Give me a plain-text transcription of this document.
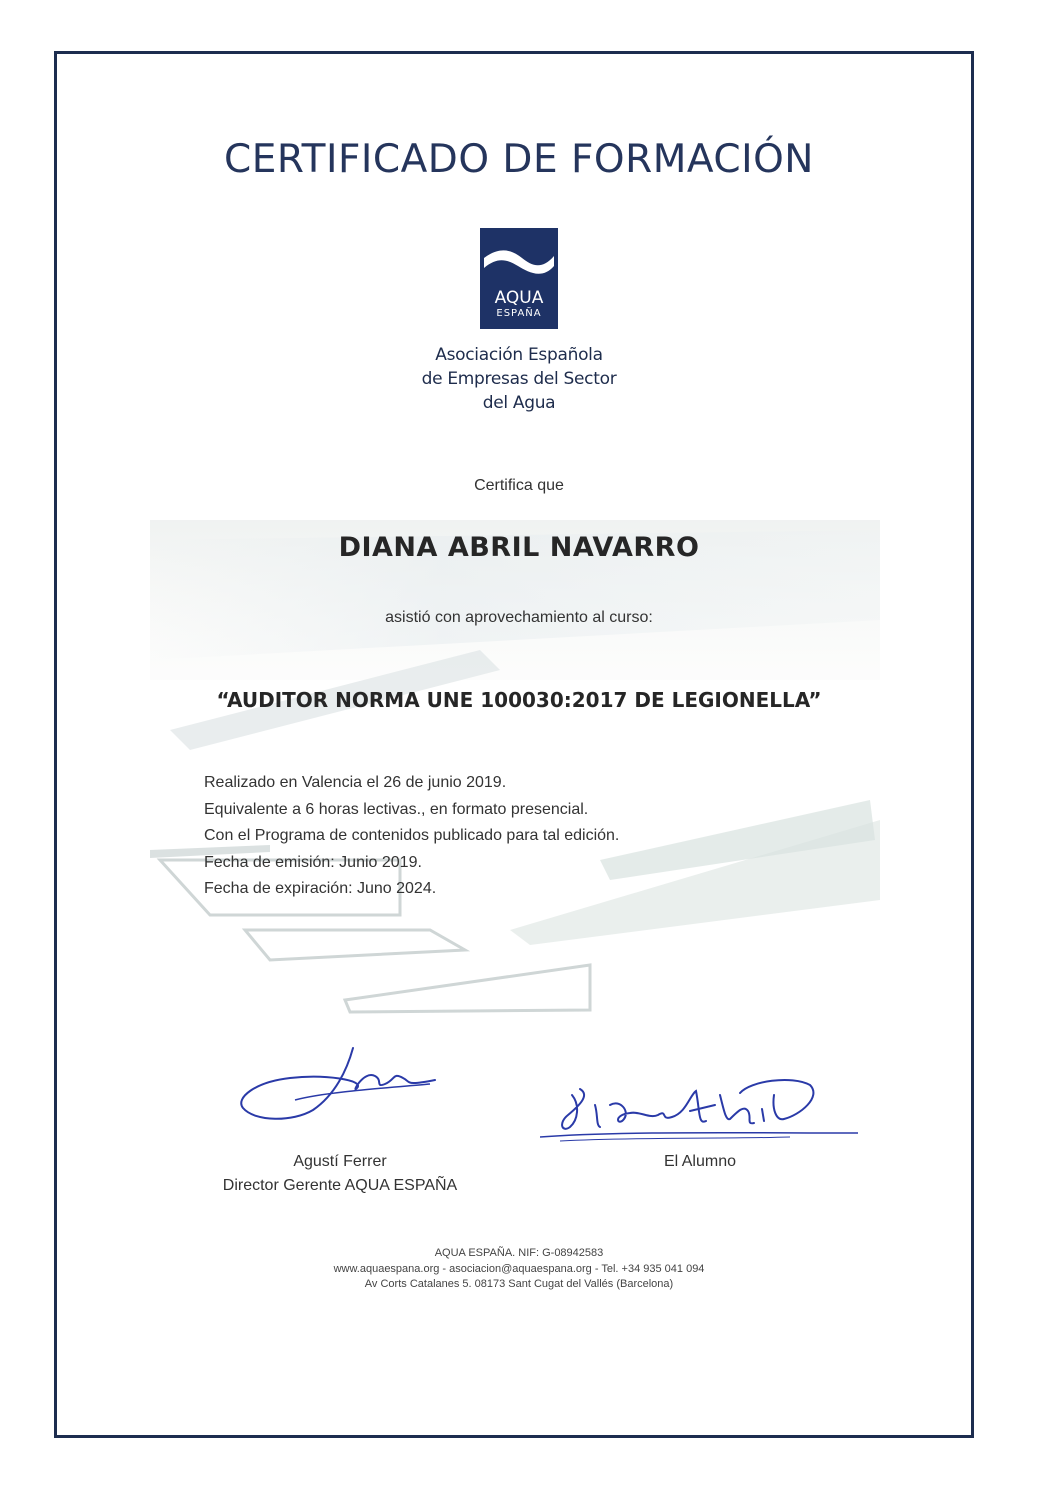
CERTIFICADO DE FORMACIÓN
AQUA
ESPAÑA
Asociación Española
de Empresas del Sector
del Agua
Certifica que
DIANA ABRIL NAVARRO
asistió con aprovechamiento al curso:
“AUDITOR NORMA UNE 100030:2017 DE LEGIONELLA”
Realizado en Valencia el 26 de junio 2019.
Equivalente a 6 horas lectivas., en formato presencial.
Con el Programa de contenidos publicado para tal edición.
Fecha de emisión: Junio 2019.
Fecha de expiración: Juno 2024.
Agustí Ferrer
Director Gerente AQUA ESPAÑA
El Alumno
AQUA ESPAÑA. NIF: G-08942583
www.aquaespana.org - asociacion@aquaespana.org - Tel. +34 935 041 094
Av Corts Catalanes 5. 08173 Sant Cugat del Vallés (Barcelona)
